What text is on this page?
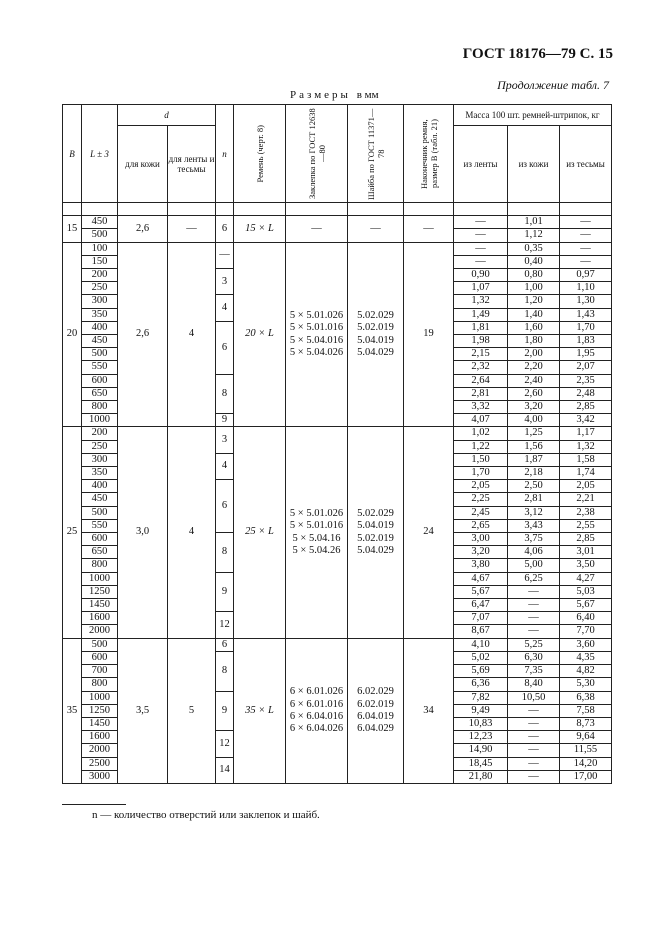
ГОСТ 18176—79 С. 15
Продолжение табл. 7
Размеры в мм
B	L ± 3	d		n	Ремень (черт. 8)	Заклепка по ГОСТ 12638—80	Шайба по ГОСТ 11371—78	Наконечник ремня, размер B (табл. 21)	Масса 100 шт. ремней-штрипок, кг		
		для кожи	для ленты и тесьмы						из ленты	из кожи	из тесьмы

15	450	2,6	—	6	15 × L	—	—	—	—	1,01	—
	500								—	1,12	—
20	100	2,6	4	—	20 × L	5 × 5.01.026
5 × 5.01.016
5 × 5.04.016
5 × 5.04.026	5.02.029
5.02.019
5.04.019
5.04.029	19	—	0,35	—
	150								—	0,40	—
	200			3					0,90	0,80	0,97
	250								1,07	1,00	1,10
	300			4					1,32	1,20	1,30
	350								1,49	1,40	1,43
	400			6					1,81	1,60	1,70
	450								1,98	1,80	1,83
	500								2,15	2,00	1,95
	550								2,32	2,20	2,07
	600			8					2,64	2,40	2,35
	650								2,81	2,60	2,48
	800								3,32	3,20	2,85
	1000			9					4,07	4,00	3,42
25	200	3,0	4	3	25 × L	5 × 5.01.026
5 × 5.01.016
5 × 5.04.16
5 × 5.04.26	5.02.029
5.04.019
5.02.019
5.04.029	24	1,02	1,25	1,17
	250								1,22	1,56	1,32
	300			4					1,50	1,87	1,58
	350								1,70	2,18	1,74
	400			6					2,05	2,50	2,05
	450								2,25	2,81	2,21
	500								2,45	3,12	2,38
	550								2,65	3,43	2,55
	600			8					3,00	3,75	2,85
	650								3,20	4,06	3,01
	800								3,80	5,00	3,50
	1000			9					4,67	6,25	4,27
	1250								5,67	—	5,03
	1450								6,47	—	5,67
	1600			12					7,07	—	6,40
	2000								8,67	—	7,70
35	500	3,5	5	6	35 × L	6 × 6.01.026
6 × 6.01.016
6 × 6.04.016
6 × 6.04.026	6.02.029
6.02.019
6.04.019
6.04.029	34	4,10	5,25	3,60
	600			8					5,02	6,30	4,35
	700								5,69	7,35	4,82
	800								6,36	8,40	5,30
	1000			9					7,82	10,50	6,38
	1250								9,49	—	7,58
	1450								10,83	—	8,73
	1600			12					12,23	—	9,64
	2000								14,90	—	11,55
	2500			14					18,45	—	14,20
	3000								21,80	—	17,00
n — количество отверстий или заклепок и шайб.
